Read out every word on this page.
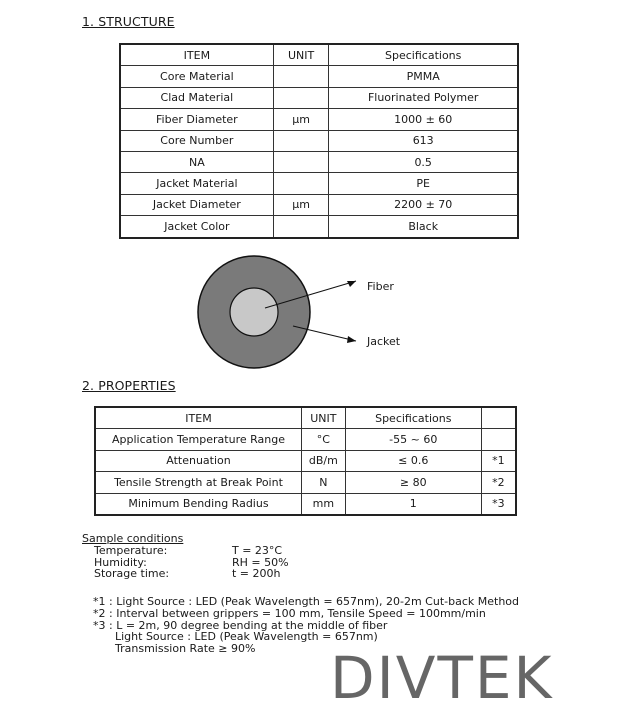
1. STRUCTURE
ITEM	UNIT	Specifications
Core Material		PMMA
Clad Material		Fluorinated Polymer
Fiber Diameter	μm	1000 ± 60
Core Number		613
NA		0.5
Jacket Material		PE
Jacket Diameter	μm	2200 ± 70
Jacket Color		Black
Fiber
Jacket
2. PROPERTIES
ITEM	UNIT	Specifications	
Application Temperature Range	°C	-55 ~ 60	
Attenuation	dB/m	≤ 0.6	*1
Tensile Strength at Break Point	N	≥ 80	*2
Minimum Bending Radius	mm	1	*3
Sample conditions
Temperature:	T = 23°C
Humidity:	RH = 50%
Storage time:	t = 200h
*1 : Light Source : LED (Peak Wavelength = 657nm), 20-2m Cut-back Method
*2 : Interval between grippers = 100 mm, Tensile Speed = 100mm/min
*3 : L = 2m, 90 degree bending at the middle of fiber
Light Source : LED (Peak Wavelength = 657nm)
Transmission Rate ≥ 90%	DIVTEK
